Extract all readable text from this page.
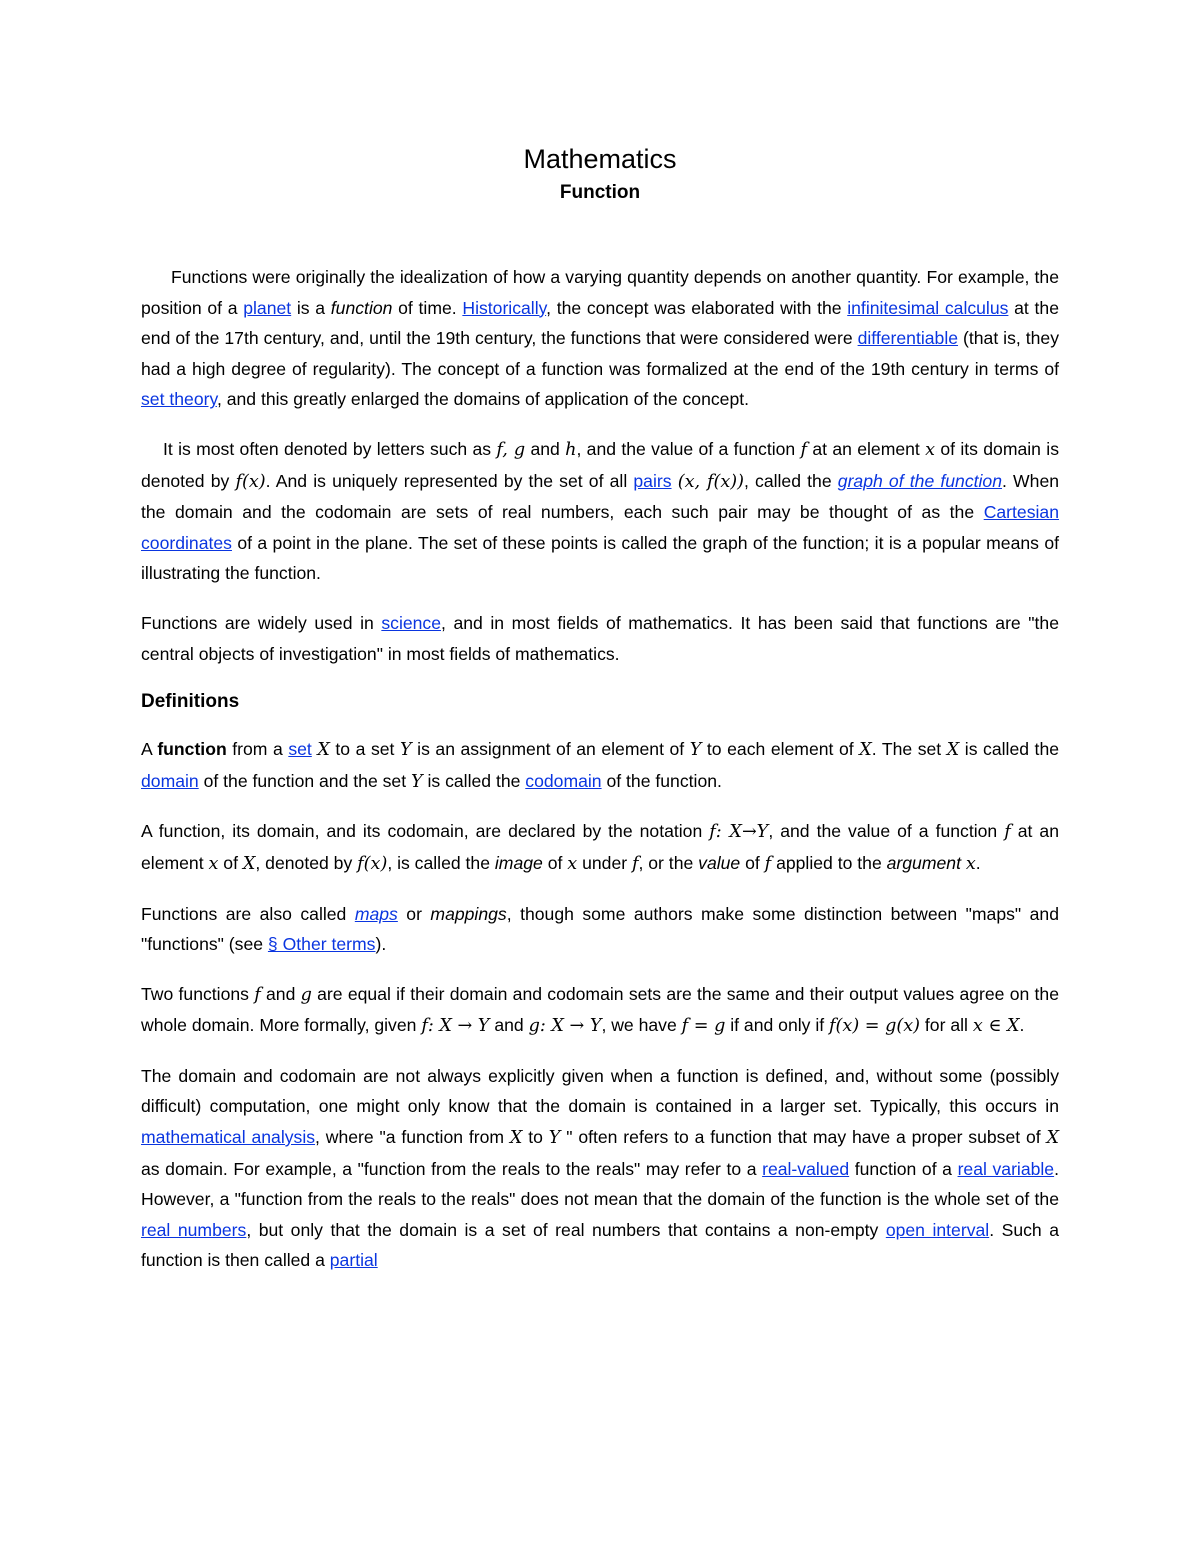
Mathematics
Function

Functions were originally the idealization of how a varying quantity depends on another quantity. For example, the position of a planet is a function of time. Historically, the concept was elaborated with the infinitesimal calculus at the end of the 17th century, and, until the 19th century, the functions that were considered were differentiable (that is, they had a high degree of regularity). The concept of a function was formalized at the end of the 19th century in terms of set theory, and this greatly enlarged the domains of application of the concept.

It is most often denoted by letters such as f, g and h, and the value of a function f at an element x of its domain is denoted by f(x). And is uniquely represented by the set of all pairs (x, f(x)), called the graph of the function. When the domain and the codomain are sets of real numbers, each such pair may be thought of as the Cartesian coordinates of a point in the plane. The set of these points is called the graph of the function; it is a popular means of illustrating the function.

Functions are widely used in science, and in most fields of mathematics. It has been said that functions are "the central objects of investigation" in most fields of mathematics.

Definitions

A function from a set X to a set Y is an assignment of an element of Y to each element of X. The set X is called the domain of the function and the set Y is called the codomain of the function.

A function, its domain, and its codomain, are declared by the notation f: X→Y, and the value of a function f at an element x of X, denoted by f(x), is called the image of x under f, or the value of f applied to the argument x.

Functions are also called maps or mappings, though some authors make some distinction between "maps" and "functions" (see § Other terms).

Two functions f and g are equal if their domain and codomain sets are the same and their output values agree on the whole domain. More formally, given f: X → Y and g: X → Y, we have f = g if and only if f(x) = g(x) for all x ∈ X.

The domain and codomain are not always explicitly given when a function is defined, and, without some (possibly difficult) computation, one might only know that the domain is contained in a larger set. Typically, this occurs in mathematical analysis, where "a function from X to Y " often refers to a function that may have a proper subset of X as domain. For example, a "function from the reals to the reals" may refer to a real-valued function of a real variable. However, a "function from the reals to the reals" does not mean that the domain of the function is the whole set of the real numbers, but only that the domain is a set of real numbers that contains a non-empty open interval. Such a function is then called a partial
